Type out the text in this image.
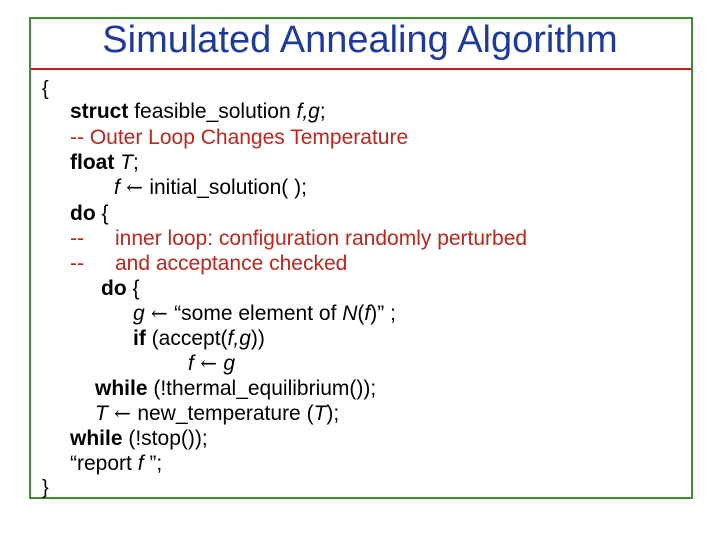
Simulated Annealing Algorithm
{
}
struct feasible_solution f,g;
-- Outer Loop Changes Temperature
float T;
f ← initial_solution( );
do {
-- inner loop: configuration randomly perturbed
-- and acceptance checked
do {
g ← “some element of N(f)” ;
if (accept(f,g))
f ← g
while (!thermal_equilibrium());
T ← new_temperature (T);
while (!stop());
“report f ”;
